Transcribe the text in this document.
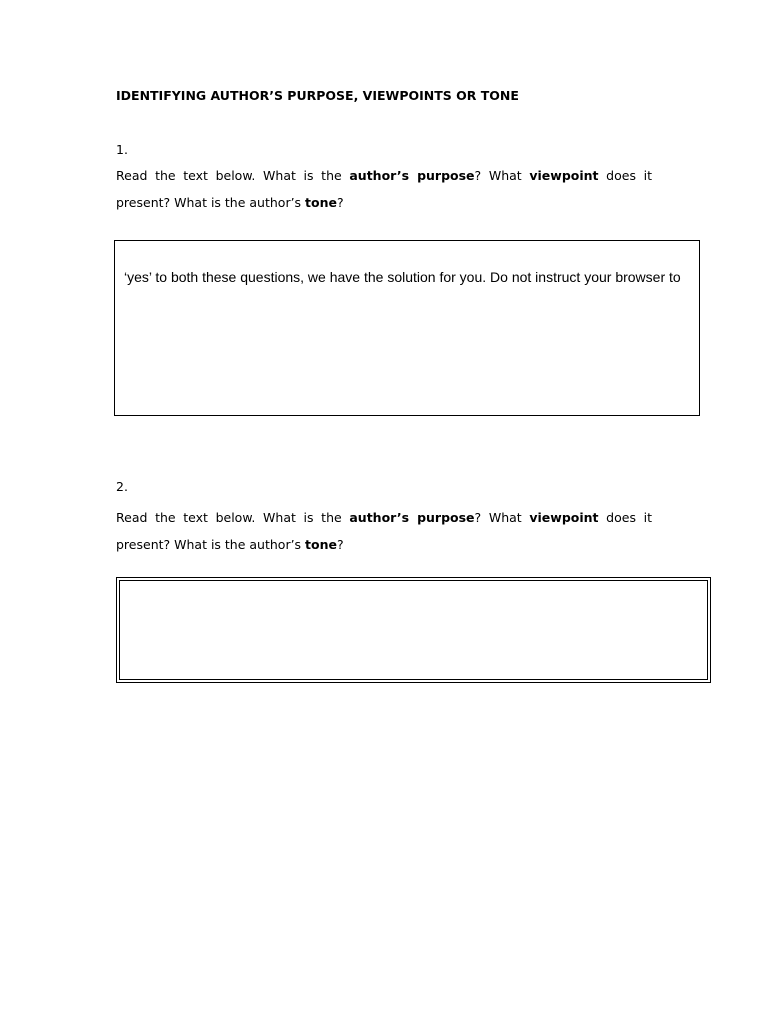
IDENTIFYING AUTHOR’S PURPOSE, VIEWPOINTS OR TONE
1.
Read the text below. What is the author’s purpose? What viewpoint does it
present? What is the author’s tone?
‘yes’ to both these questions, we have the solution for you. Do not instruct your browser to
2.
Read the text below. What is the author’s purpose? What viewpoint does it
present? What is the author’s tone?
